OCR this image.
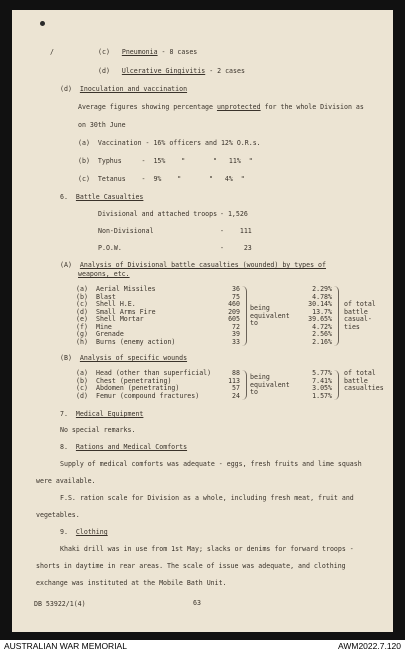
/	(c) Pneumonia - 8 cases
(d) Ulcerative Gingivitis - 2 cases
(d) Inoculation and vaccination
Average figures showing percentage unprotected for the whole Division as
on 30th June
(a) Vaccination - 16% officers and 12% O.R.s.
(b) Typhus     -  15%    "       "   11%  "
(c) Tetanus    -  9%    "       "   4%  "
6. Battle Casualties
Divisional and attached troops - 1,526
Non-Divisional	-    111
P.O.W.	-     23
(A) Analysis of Divisional battle casualties (wounded) by types of
weapons, etc.
(a) Aerial Missiles	36	2.29%
(b) Blast	75	4.78%
(c) Shell H.E.	460	30.14%
(d) Small Arms Fire	209	13.7%
(e) Shell Mortar	605	39.65%
(f) Mine	72	4.72%
(g) Grenade	39	2.56%
(h) Burns (enemy action)	33	2.16%
being
equivalent
to
of total
battle
casual-
ties
(B) Analysis of specific wounds
(a) Head (other than superficial)	88	5.77%
(b) Chest (penetrating)	113	7.41%
(c) Abdomen (penetrating)	57	3.05%
(d) Femur (compound fractures)	24	1.57%
being
equivalent
to
of total
battle
casualties
7. Medical Equipment
No special remarks.
8. Rations and Medical Comforts
Supply of medical comforts was adequate - eggs, fresh fruits and lime squash
were available.
F.S. ration scale for Division as a whole, including fresh meat, fruit and
vegetables.
9. Clothing
Khaki drill was in use from 1st May; slacks or denims for forward troops -
shorts in daytime in rear areas. The scale of issue was adequate, and clothing
exchange was instituted at the Mobile Bath Unit.
DB 53922/1(4)	63
AUSTRALIAN WAR MEMORIAL	AWM2022.7.120
